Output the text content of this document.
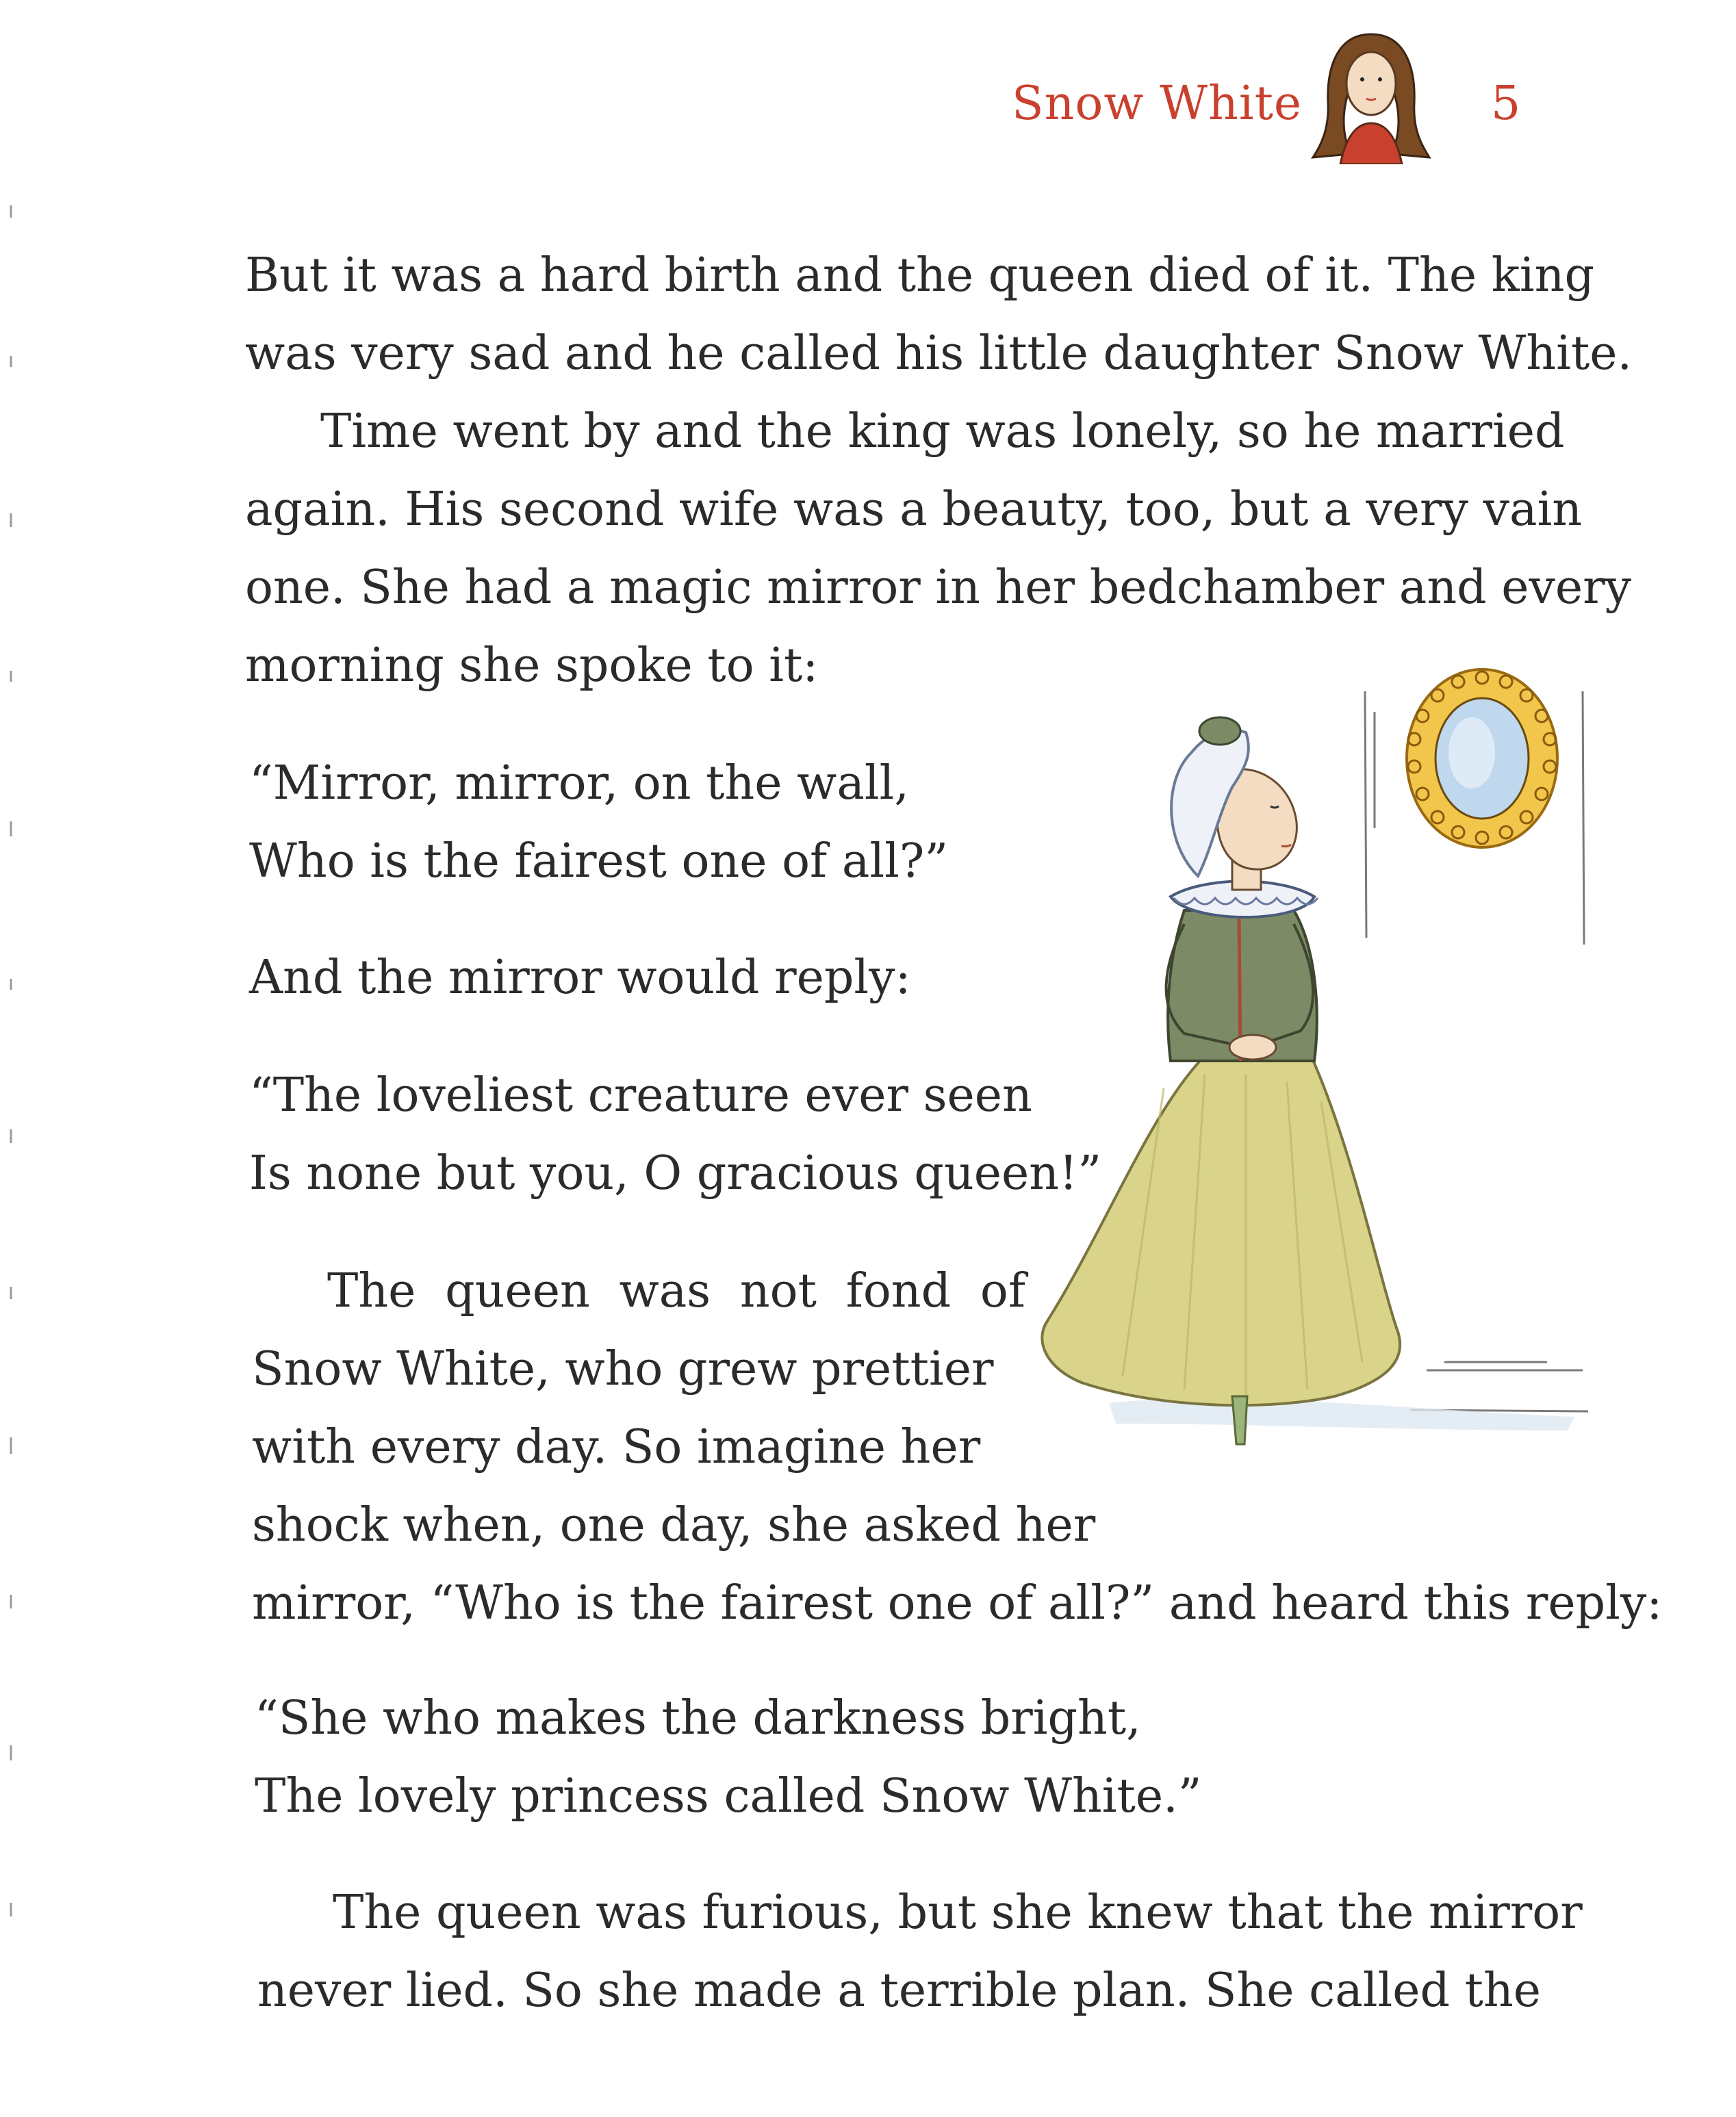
Snow White	5

But it was a hard birth and the queen died of it. The king

was very sad and he called his little daughter Snow White.

Time went by and the king was lonely, so he married

again. His second wife was a beauty, too, but a very vain

one. She had a magic mirror in her bedchamber and every

morning she spoke to it:

“Mirror, mirror, on the wall,

Who is the fairest one of all?”

And the mirror would reply:

“The loveliest creature ever seen

Is none but you, O gracious queen!”

The queen was not fond of

Snow White, who grew prettier

with every day. So imagine her

shock when, one day, she asked her

mirror, “Who is the fairest one of all?” and heard this reply:

“She who makes the darkness bright,

The lovely princess called Snow White.”

The queen was furious, but she knew that the mirror

never lied. So she made a terrible plan. She called the
